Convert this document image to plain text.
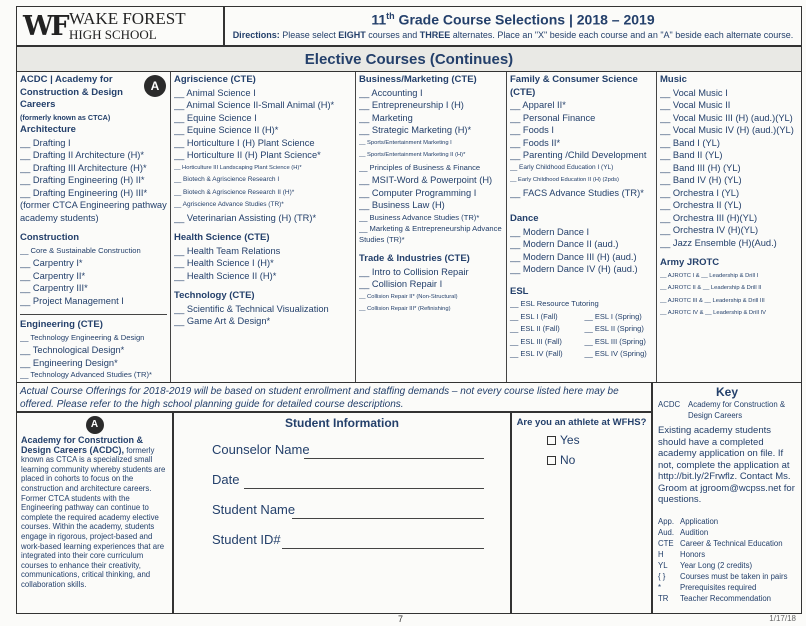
WF WAKE FOREST
HIGH SCHOOL
11th Grade Course Selections | 2018 – 2019
Directions: Please select EIGHT courses and THREE alternates. Place an "X" beside each course and an "A" beside each alternate course.
Elective Courses (Continues)
A
ACDC | Academy for Construction & Design Careers
(formerly known as CTCA)
Architecture
__ Drafting I
__ Drafting II Architecture (H)*
__ Drafting III Architecture (H)*
__ Drafting Engineering (H) II*
__ Drafting Engineering (H) III*
(former CTCA Engineering pathway academy students)
Construction
__ Core & Sustainable Construction
__ Carpentry I*
__ Carpentry II*
__ Carpentry III*
__ Project Management I
Engineering (CTE)
__ Technology Engineering & Design
__ Technological Design*
__ Engineering Design*
__ Technology Advanced Studies (TR)*
Agriscience (CTE)
__ Animal Science I
__ Animal Science II-Small Animal (H)*
__ Equine Science I
__ Equine Science II (H)*
__ Horticulture I (H) Plant Science
__ Horticulture II (H) Plant Science*
__ Horticulture III Landscaping Plant Science (H)*
__ Biotech & Agriscience Research I
__ Biotech & Agriscience Research II (H)*
__ Agriscience Advance Studies (TR)*
__ Veterinarian Assisting (H) (TR)*
Health Science (CTE)
__ Health Team Relations
__ Health Science I (H)*
__ Health Science II (H)*
Technology (CTE)
__ Scientific & Technical Visualization
__ Game Art & Design*
Business/Marketing (CTE)
__ Accounting I
__ Entrepreneurship I (H)
__ Marketing
__ Strategic Marketing (H)*
__ Sports/Entertainment Marketing I
__ Sports/Entertainment Marketing II (H)*
__ Principles of Business & Finance
__ MSIT-Word & Powerpoint (H)
__ Computer Programming I
__ Business Law (H)
__ Business Advance Studies (TR)*
__ Marketing & Entrepreneurship Advance Studies (TR)*
Trade & Industries (CTE)
__ Intro to Collision Repair
__ Collision Repair I
__ Collision Repair II* (Non-Structural)
__ Collision Repair III* (Refinishing)
Family & Consumer Science (CTE)
__ Apparel II*
__ Personal Finance
__ Foods I
__ Foods II*
__ Parenting /Child Development
__ Early Childhood Education I (YL)
__ Early Childhood Education II (H) (2pds)
__ FACS Advance Studies (TR)*
Dance
__ Modern Dance I
__ Modern Dance II (aud.)
__ Modern Dance III (H) (aud.)
__ Modern Dance IV (H) (aud.)
ESL
__ ESL Resource Tutoring
__ ESL I (Fall)	__ ESL I (Spring)
__ ESL II (Fall)	__ ESL II (Spring)
__ ESL III (Fall)	__ ESL III (Spring)
__ ESL IV (Fall)	__ ESL IV (Spring)
Music
__ Vocal Music I
__ Vocal Music II
__ Vocal Music III (H) (aud.)(YL)
__ Vocal Music IV (H) (aud.)(YL)
__ Band I (YL)
__ Band II (YL)
__ Band III (H) (YL)
__ Band IV (H) (YL)
__ Orchestra I (YL)
__ Orchestra II (YL)
__ Orchestra III (H)(YL)
__ Orchestra IV (H)(YL)
__ Jazz Ensemble (H)(Aud.)
Army JROTC
__ AJROTC I & __ Leadership & Drill I
__ AJROTC II & __ Leadership & Drill II
__ AJROTC III & __ Leadership & Drill III
__ AJROTC IV & __ Leadership & Drill IV
Actual Course Offerings for 2018-2019 will be based on student enrollment and staffing demands – not every course listed here may be offered. Please refer to the high school planning guide for detailed course descriptions.
Key
ACDC	Academy for Construction & Design Careers
Existing academy students should have a completed academy application on file. If not, complete the application at http://bit.ly/2Frwflz. Contact Ms. Groom at jgroom@wcpss.net for questions.
App. Application
Aud. Audition
CTE Career & Technical Education
H	Honors
YL	Year Long (2 credits)
{ }	Courses must be taken in pairs
*	Prerequisites required
TR	Teacher Recommendation
A
Academy for Construction & Design Careers (ACDC), formerly known as CTCA is a specialized small learning community whereby students are placed in cohorts to focus on the construction and architecture careers. Former CTCA students with the Engineering pathway can continue to complete the required academy elective courses. Within the academy, students engage in rigorous, project-based and work-based learning experiences that are integrated into their core curriculum courses to enhance their creativity, communications, critical thinking, and collaboration skills.
Student Information
Counselor Name
Date
Student Name
Student ID#
Are you an athlete at WFHS?
Yes
No
7	1/17/18
